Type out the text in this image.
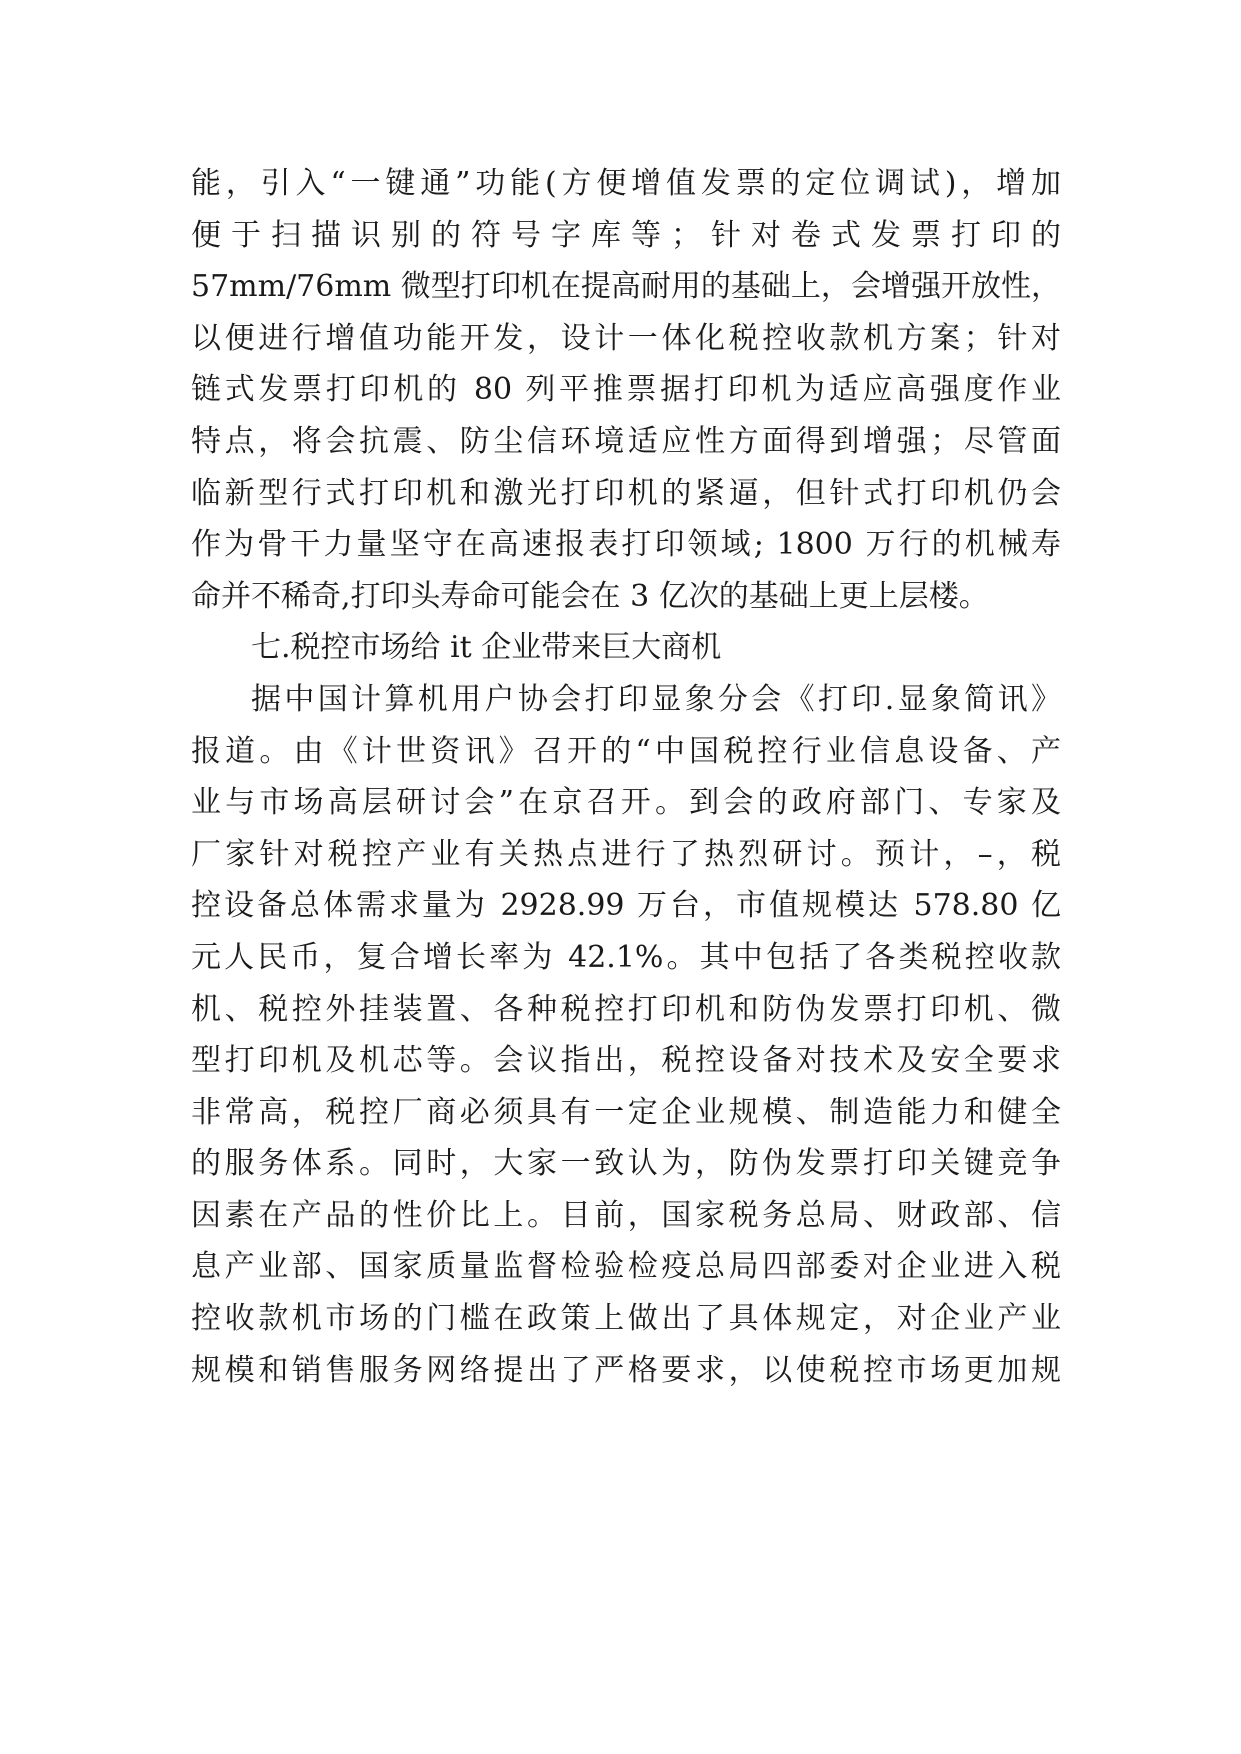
能，引入“一键通”功能(方便增值发票的定位调试)，增加
便于扫描识别的符号字库等；针对卷式发票打印的
57mm/76mm 微型打印机在提高耐用的基础上，会增强开放性，
以便进行增值功能开发，设计一体化税控收款机方案；针对
链式发票打印机的 80 列平推票据打印机为适应高强度作业
特点，将会抗震、防尘信环境适应性方面得到增强；尽管面
临新型行式打印机和激光打印机的紧逼，但针式打印机仍会
作为骨干力量坚守在高速报表打印领域; 1800 万行的机械寿
命并不稀奇,打印头寿命可能会在 3 亿次的基础上更上层楼。
七.税控市场给 it 企业带来巨大商机
据中国计算机用户协会打印显象分会《打印.显象简讯》
报道。由《计世资讯》召开的“中国税控行业信息设备、产
业与市场高层研讨会”在京召开。到会的政府部门、专家及
厂家针对税控产业有关热点进行了热烈研讨。预计，–，税
控设备总体需求量为 2928.99 万台，市值规模达 578.80 亿
元人民币，复合增长率为 42.1%。其中包括了各类税控收款
机、税控外挂装置、各种税控打印机和防伪发票打印机、微
型打印机及机芯等。会议指出，税控设备对技术及安全要求
非常高，税控厂商必须具有一定企业规模、制造能力和健全
的服务体系。同时，大家一致认为，防伪发票打印关键竞争
因素在产品的性价比上。目前，国家税务总局、财政部、信
息产业部、国家质量监督检验检疫总局四部委对企业进入税
控收款机市场的门槛在政策上做出了具体规定，对企业产业
规模和销售服务网络提出了严格要求，以使税控市场更加规
